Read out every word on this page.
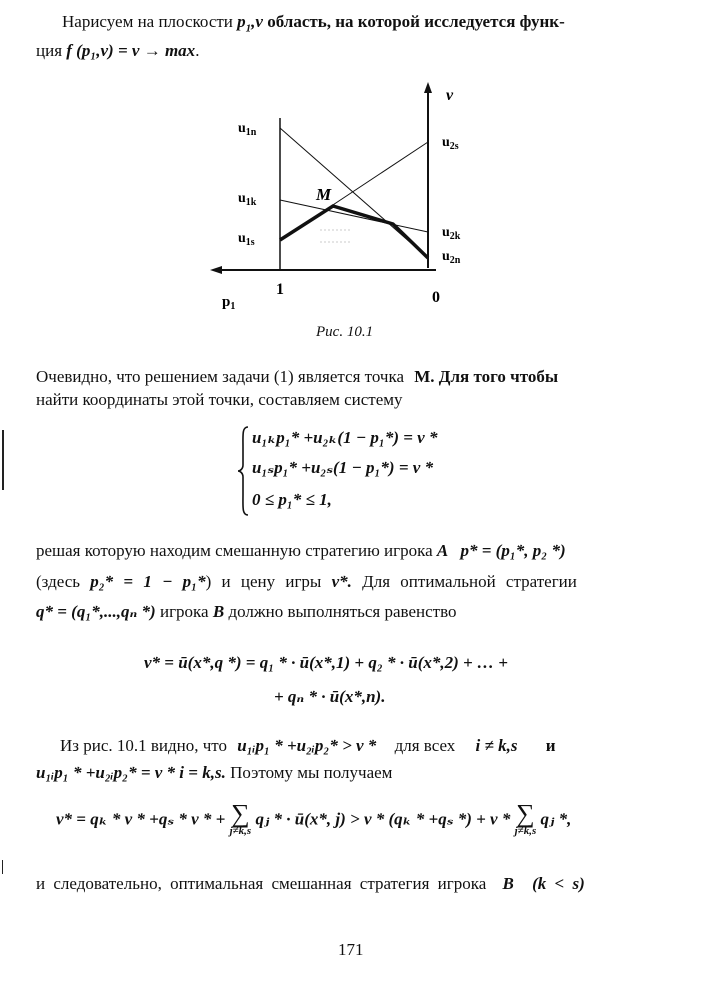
Нарисуем на плоскости $p_1,v$ область, на которой исследуется функ-
ция f (p₁,v) = v → max.
$u_{1n}$
$u_{1k}$
$u_{1s}$
$u_{2s}$
$u_{2k}$
$u_{2n}$
M
v
1	0
$p_1$
Рис. 10.1
Очевидно, что решением задачи (1) является точка M. Для того чтобы
найти координаты этой точки, составляем систему
u₁ₖp₁* +u₂ₖ(1 − p₁*) = v *
u₁ₛp₁* +u₂ₛ(1 − p₁*) = v *
0 ≤ p₁* ≤ 1,
решая которую находим смешанную стратегию игрока A p* = (p₁*, p₂ *)
(здесь p₂* = 1 − p₁*) и цену игры v*. Для оптимальной стратегии
q* = (q₁*,...,qₙ *) игрока B должно выполняться равенство
v* = ū(x*,q *) = q₁ * · ū(x*,1) + q₂ * · ū(x*,2) + … +
+ qₙ * · ū(x*,n).
Из рис. 10.1 видно, что u₁ᵢp₁ * +u₂ᵢp₂* > v * для всех i ≠ k,s и
u₁ᵢp₁ * +u₂ᵢp₂* = v * i = k,s. Поэтому мы получаем
v* = qₖ * v * +qₛ * v * + ∑
j≠k,s
qⱼ * · ū(x*, j) > v * (qₖ * +qₛ *) + v * ∑
j≠k,s
qⱼ *,
и следовательно, оптимальная смешанная стратегия игрока B (k < s)
171
